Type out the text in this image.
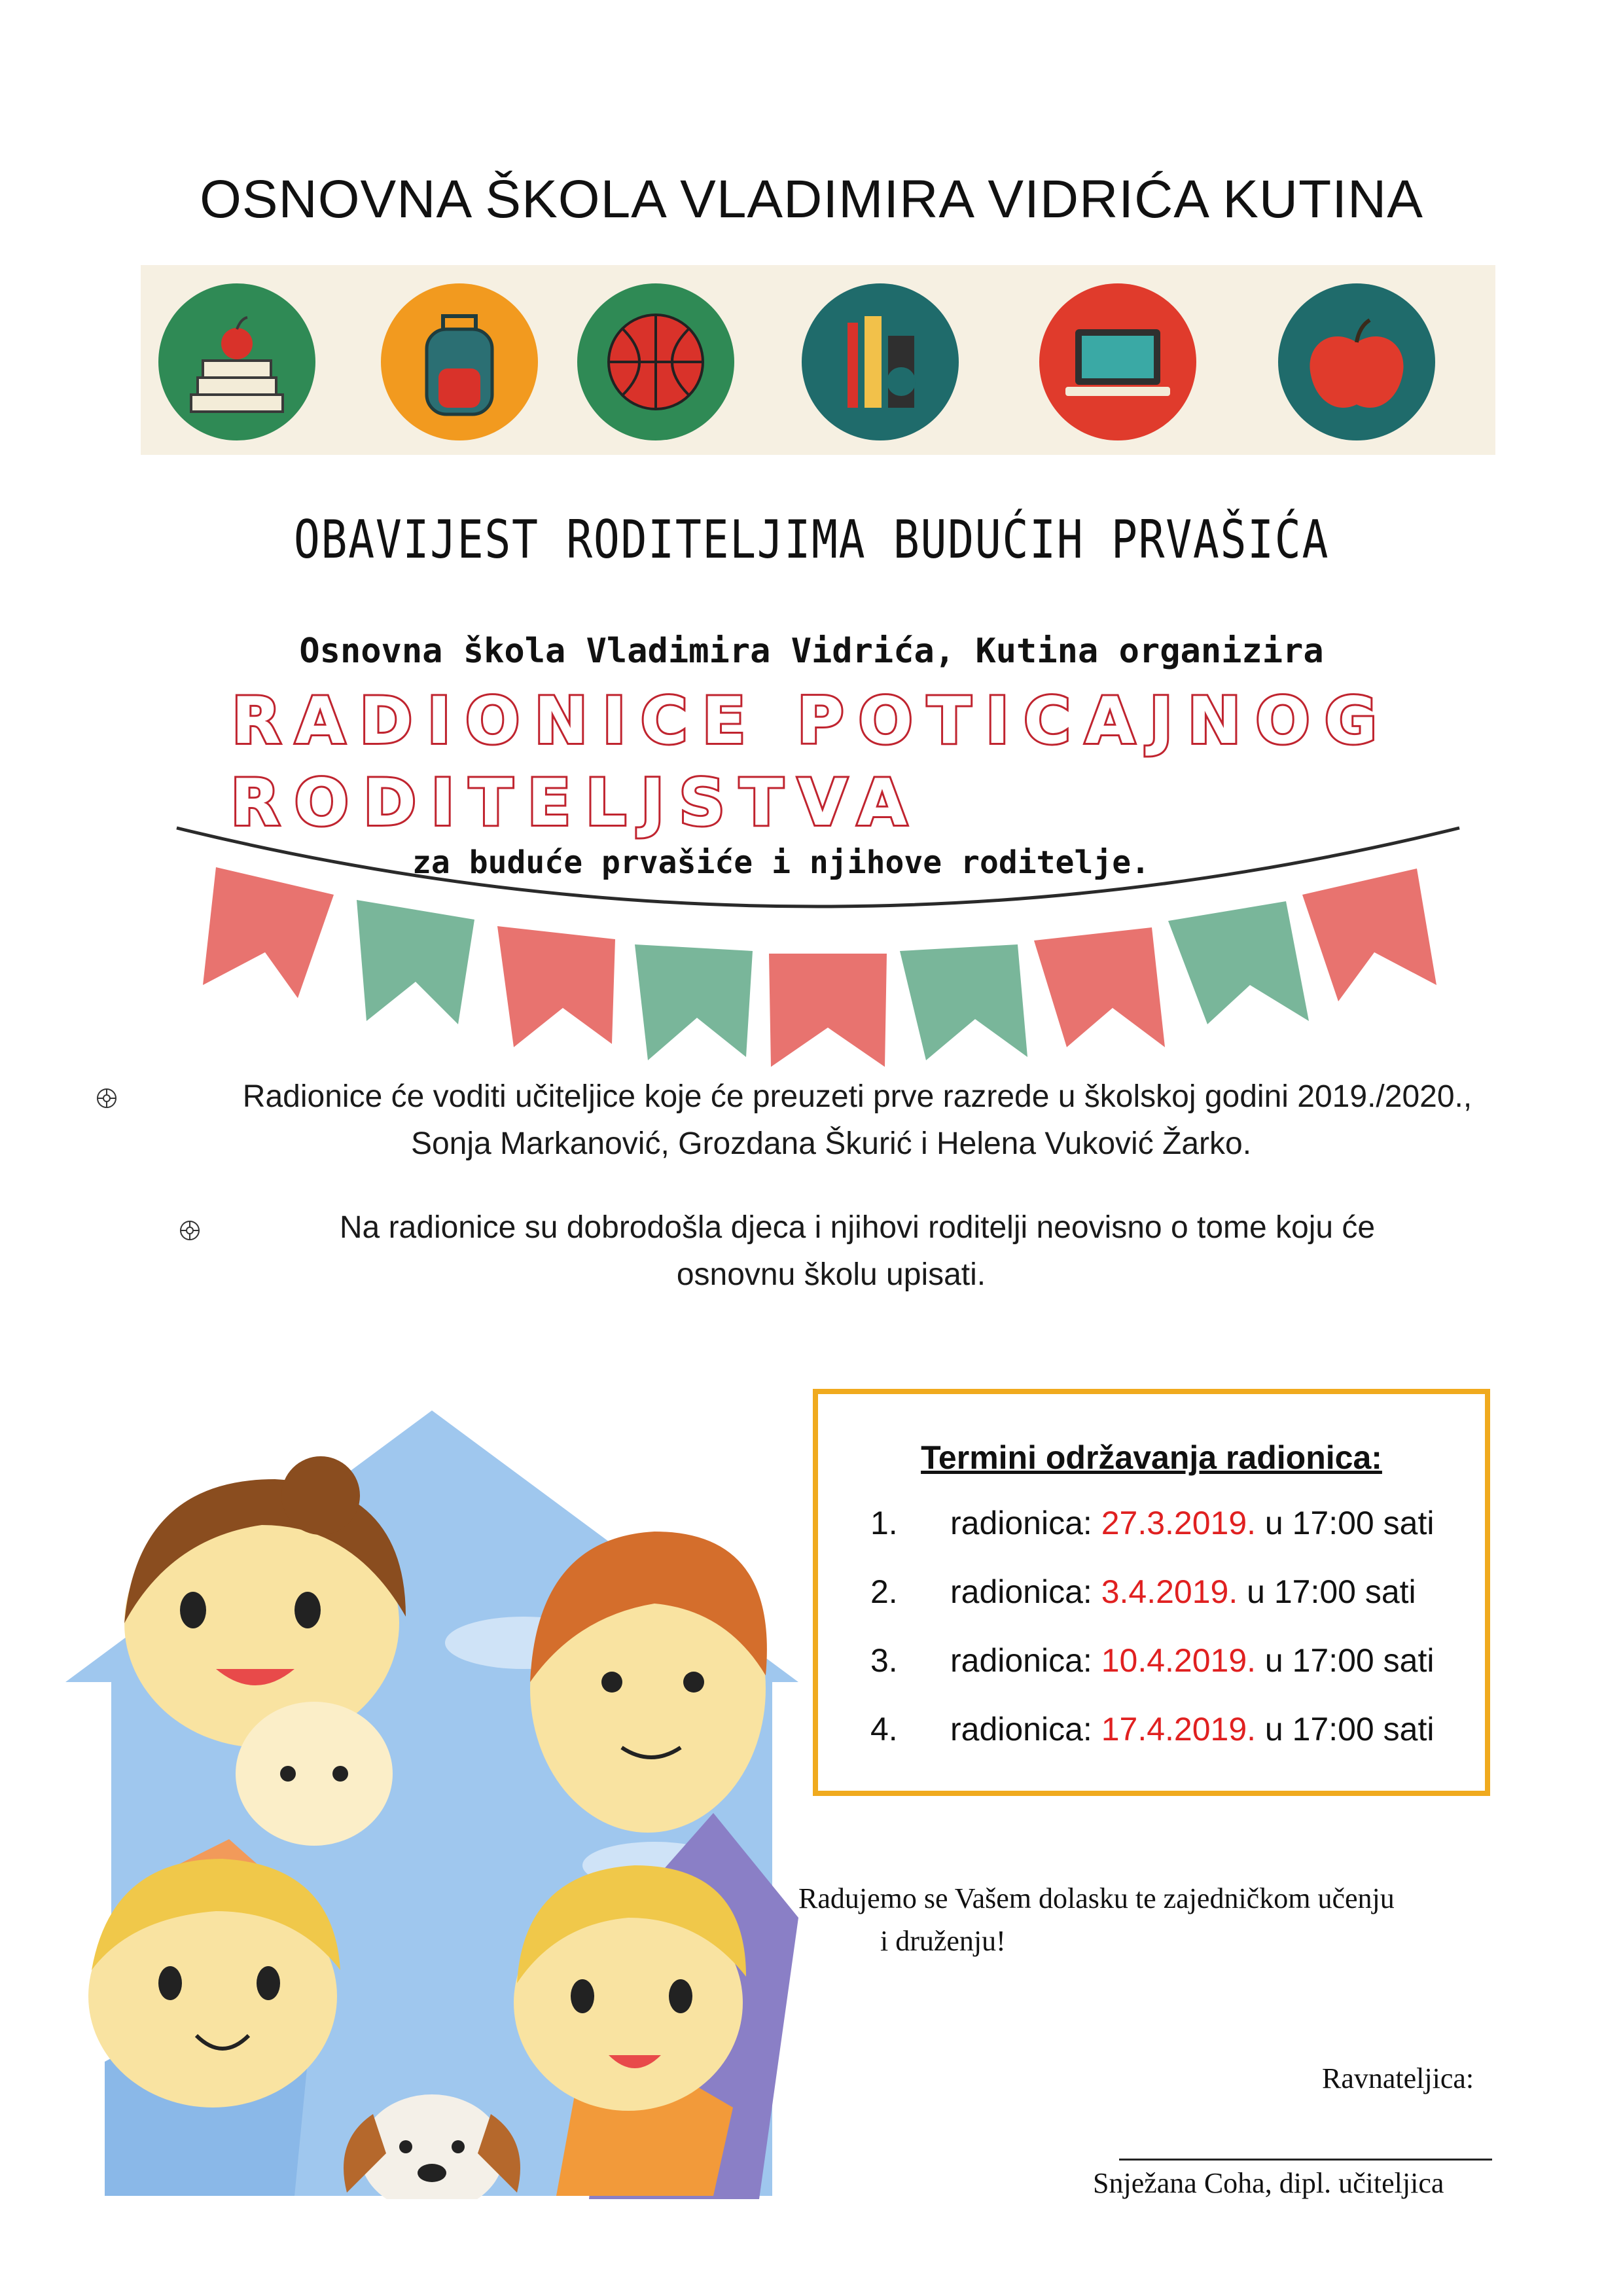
OSNOVNA ŠKOLA VLADIMIRA VIDRIĆA KUTINA
OBAVIJEST RODITELJIMA BUDUĆIH PRVAŠIĆA
Osnovna škola Vladimira Vidrića, Kutina organizira
RADIONICE POTICAJNOG
RODITELJSTVA
za buduće prvašiće i njihove roditelje.
Radionice će voditi učiteljice koje će preuzeti prve razrede u školskoj godini 2019./2020.,
Sonja Markanović, Grozdana Škurić i Helena Vuković Žarko.
Na radionice su dobrodošla djeca i njihovi roditelji neovisno o tome koju će
osnovnu školu upisati.
Termini održavanja radionica:
1. radionica: 27.3.2019. u 17:00 sati
2. radionica: 3.4.2019. u 17:00 sati
3. radionica: 10.4.2019. u 17:00 sati
4. radionica: 17.4.2019. u 17:00 sati
Radujemo se Vašem dolasku te zajedničkom učenju
i druženju!
Ravnateljica:
Snježana Coha, dipl. učiteljica
